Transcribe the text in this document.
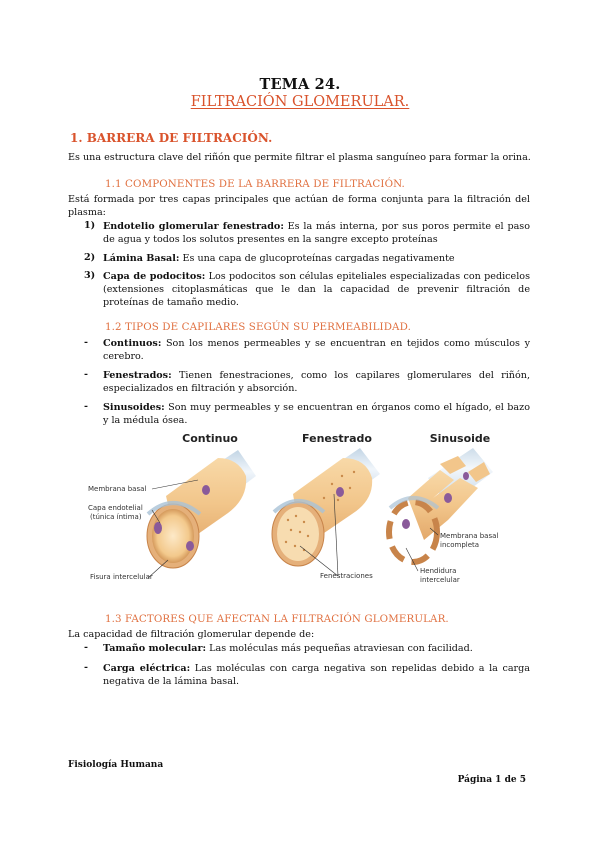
TEMA 24.
FILTRACIÓN GLOMERULAR.
1. BARRERA DE FILTRACIÓN.
Es una estructura clave del riñón que permite filtrar el plasma sanguíneo para formar la orina.
1.1 COMPONENTES DE LA BARRERA DE FILTRACIÓN.
Está formada por tres capas principales que actúan de forma conjunta para la filtración del plasma:
1) Endotelio glomerular fenestrado: Es la más interna, por sus poros permite el paso de agua y todos los solutos presentes en la sangre excepto proteínas
2) Lámina Basal: Es una capa de glucoproteínas cargadas negativamente
3) Capa de podocitos: Los podocitos son células epiteliales especializadas con pedicelos (extensiones citoplasmáticas que le dan la capacidad de prevenir filtración de proteínas de tamaño medio.
1.2 TIPOS DE CAPILARES SEGÚN SU PERMEABILIDAD.
- Continuos: Son los menos permeables y se encuentran en tejidos como músculos y cerebro.
- Fenestrados: Tienen fenestraciones, como los capilares glomerulares del riñón, especializados en filtración y absorción.
- Sinusoides: Son muy permeables y se encuentran en órganos como el hígado, el bazo y la médula ósea.
Continuo	Fenestrado	Sinusoide
Membrana basal
Capa endotelial
(túnica íntima)
Fisura intercelular	Fenestraciones
Membrana basal
incompleta
Hendidura
intercelular
1.3 FACTORES QUE AFECTAN LA FILTRACIÓN GLOMERULAR.
La capacidad de filtración glomerular depende de:
- Tamaño molecular: Las moléculas más pequeñas atraviesan con facilidad.
- Carga eléctrica: Las moléculas con carga negativa son repelidas debido a la carga negativa de la lámina basal.
Fisiología Humana
Página 1 de 5
